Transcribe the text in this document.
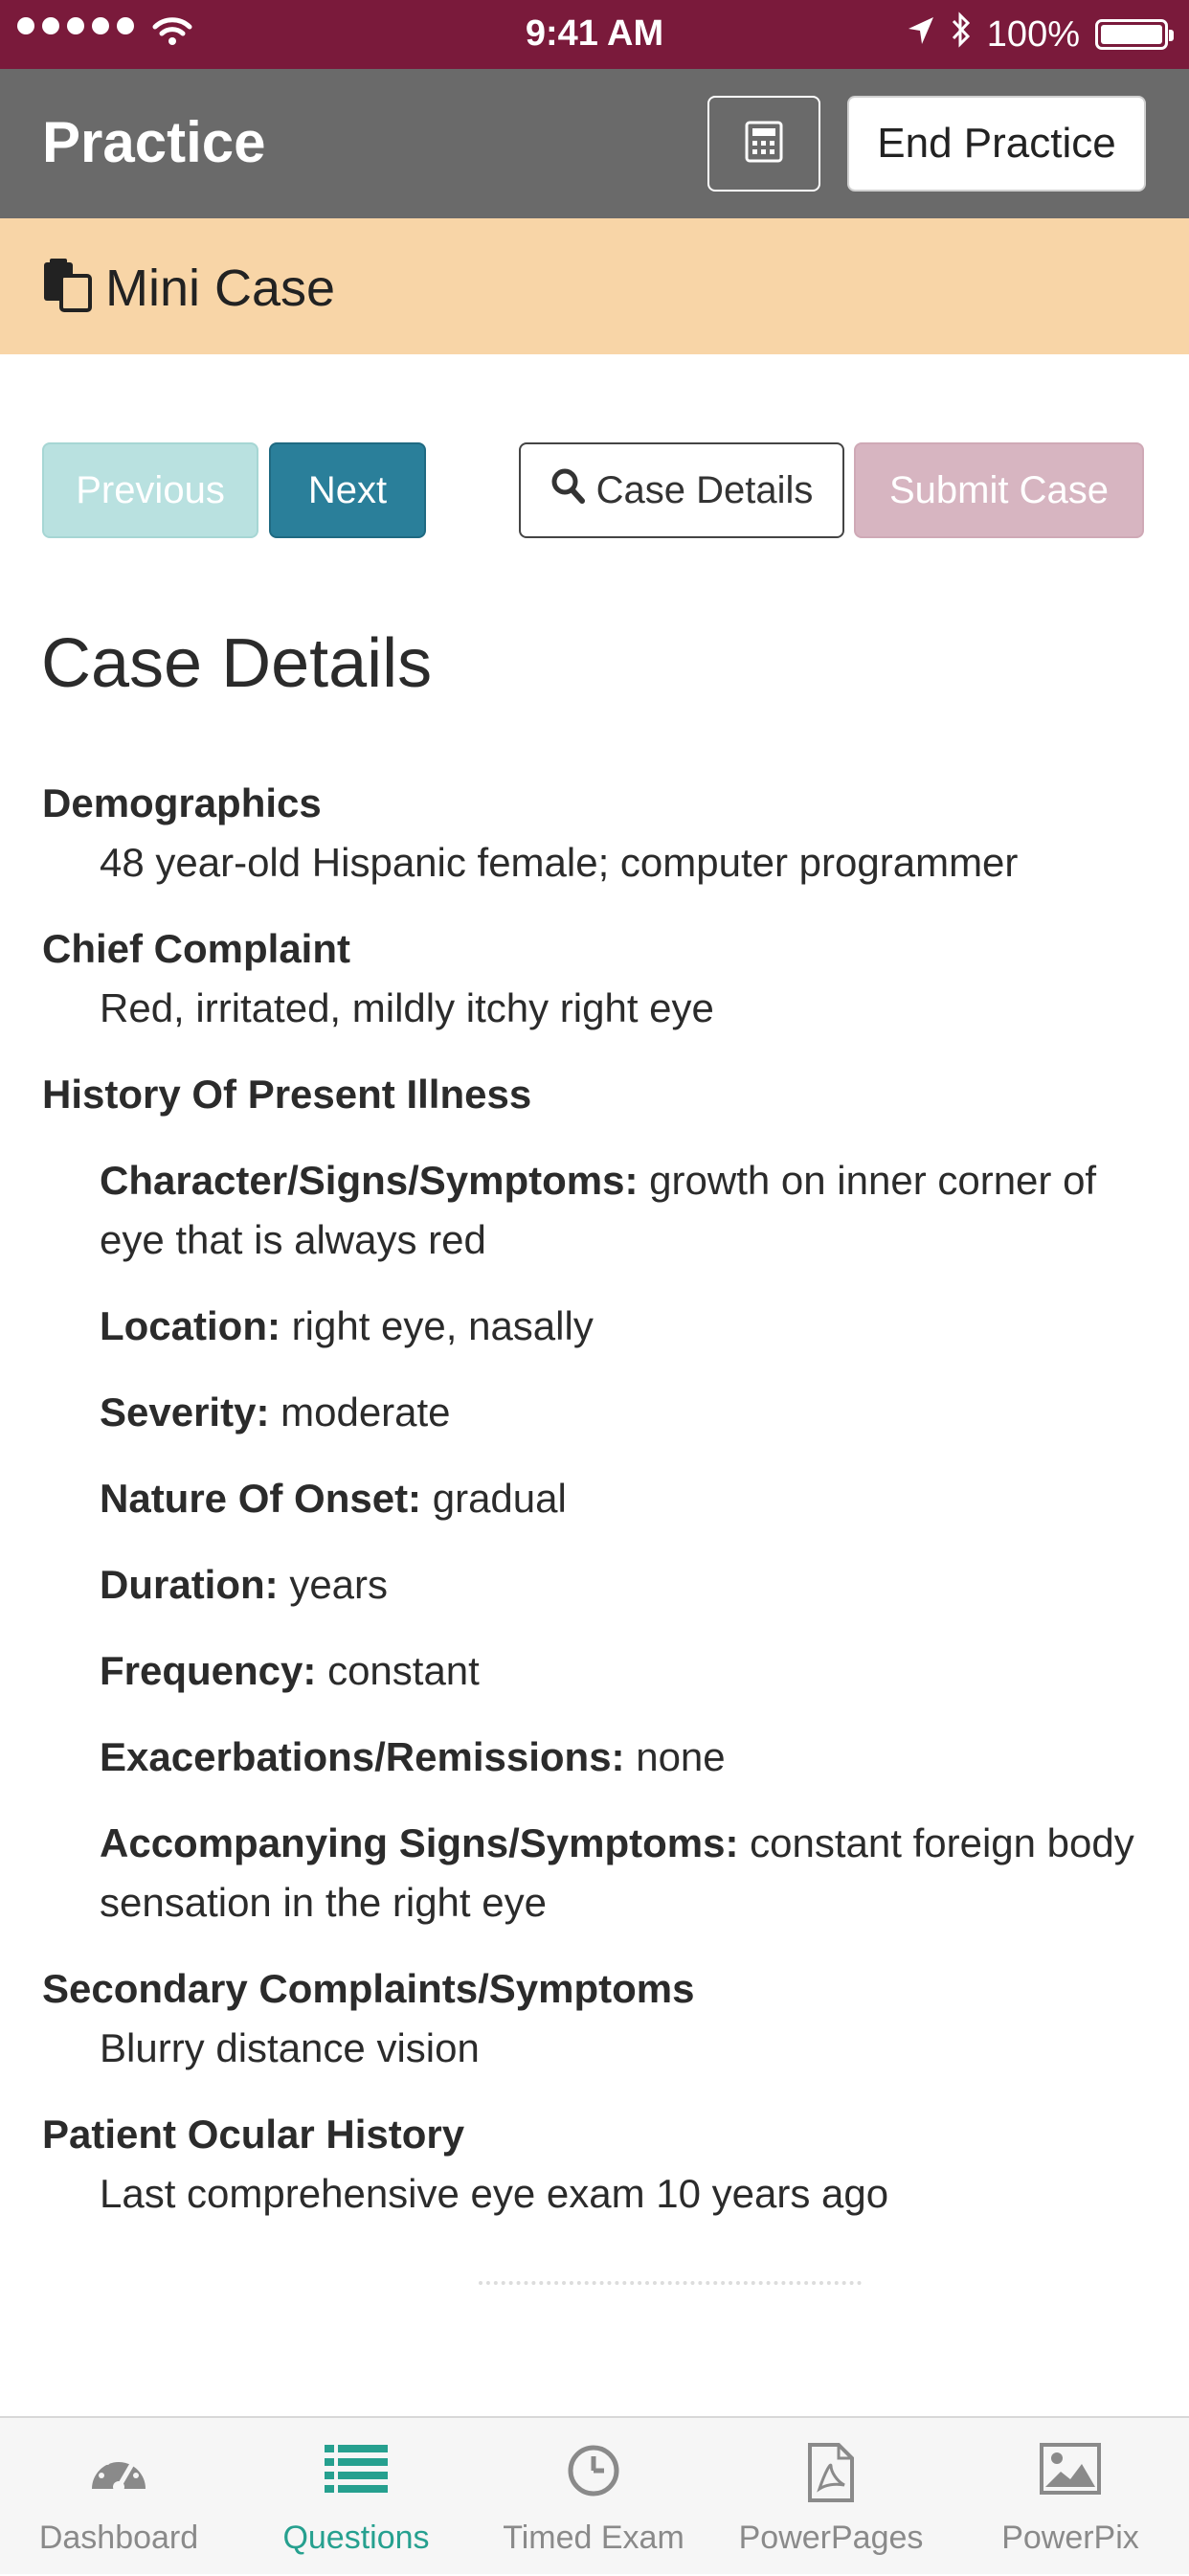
9:41 AM	100%
Practice	End Practice
Mini Case
Previous	Next	Case Details	Submit Case
Case Details
Demographics
48 year-old Hispanic female; computer programmer
Chief Complaint
Red, irritated, mildly itchy right eye
History Of Present Illness
Character/Signs/Symptoms: growth on inner corner of eye that is always red
Location: right eye, nasally
Severity: moderate
Nature Of Onset: gradual
Duration: years
Frequency: constant
Exacerbations/Remissions: none
Accompanying Signs/Symptoms: constant foreign body sensation in the right eye
Secondary Complaints/Symptoms
Blurry distance vision
Patient Ocular History
Last comprehensive eye exam 10 years ago
Dashboard	Questions	Timed Exam	PowerPages	PowerPix
